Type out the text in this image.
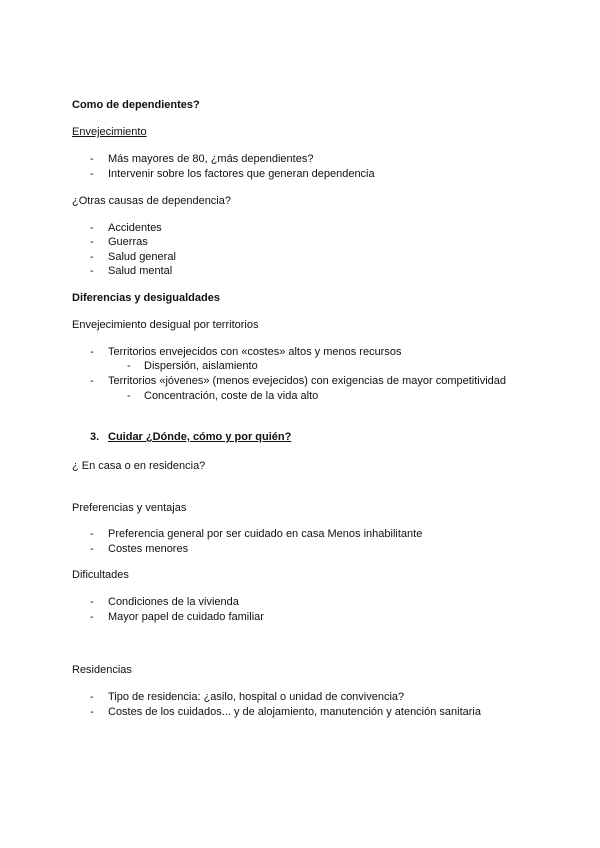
Como de dependientes?
Envejecimiento
-	Más mayores de 80, ¿más dependientes?
-	Intervenir sobre los factores que generan dependencia
¿Otras causas de dependencia?
-	Accidentes
-	Guerras
-	Salud general
-	Salud mental
Diferencias y desigualdades
Envejecimiento desigual por territorios
-	Territorios envejecidos con «costes» altos y menos recursos
-	Dispersión, aislamiento
-	Territorios «jóvenes» (menos evejecidos) con exigencias de mayor competitividad
-	Concentración, coste de la vida alto
3. Cuidar ¿Dónde, cómo y por quién?
¿ En casa o en residencia?
Preferencias y ventajas
-	Preferencia general por ser cuidado en casa Menos inhabilitante
-	Costes menores
Dificultades
-	Condiciones de la vivienda
-	Mayor papel de cuidado familiar
Residencias
-	Tipo de residencia: ¿asilo, hospital o unidad de convivencia?
-	Costes de los cuidados... y de alojamiento, manutención y atención sanitaria
